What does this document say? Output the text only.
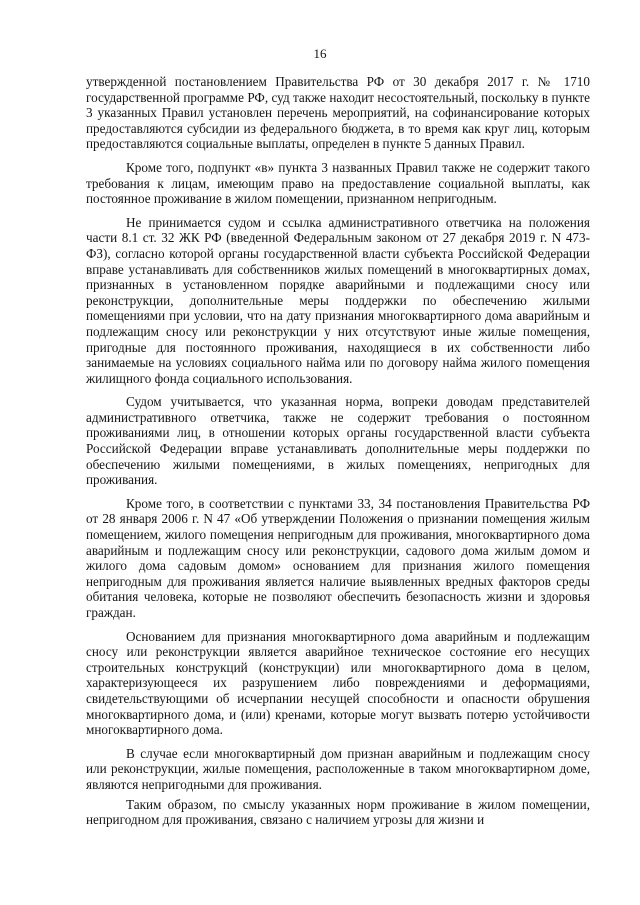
16

утвержденной постановлением Правительства РФ от 30 декабря 2017 г. № 1710 государственной программе РФ, суд также находит несостоятельный, поскольку в пункте 3 указанных Правил установлен перечень мероприятий, на софинансирование которых предоставляются субсидии из федерального бюджета, в то время как круг лиц, которым предоставляются социальные выплаты, определен в пункте 5 данных Правил.

Кроме того, подпункт «в» пункта 3 названных Правил также не содержит такого требования к лицам, имеющим право на предоставление социальной выплаты, как постоянное проживание в жилом помещении, признанном непригодным.

Не принимается судом и ссылка административного ответчика на положения части 8.1 ст. 32 ЖК РФ (введенной Федеральным законом от 27 декабря 2019 г. N 473-ФЗ), согласно которой органы государственной власти субъекта Российской Федерации вправе устанавливать для собственников жилых помещений в многоквартирных домах, признанных в установленном порядке аварийными и подлежащими сносу или реконструкции, дополнительные меры поддержки по обеспечению жилыми помещениями при условии, что на дату признания многоквартирного дома аварийным и подлежащим сносу или реконструкции у них отсутствуют иные жилые помещения, пригодные для постоянного проживания, находящиеся в их собственности либо занимаемые на условиях социального найма или по договору найма жилого помещения жилищного фонда социального использования.

Судом учитывается, что указанная норма, вопреки доводам представителей административного ответчика, также не содержит требования о постоянном проживаниями лиц, в отношении которых органы государственной власти субъекта Российской Федерации вправе устанавливать дополнительные меры поддержки по обеспечению жилыми помещениями, в жилых помещениях, непригодных для проживания.

Кроме того, в соответствии с пунктами 33, 34 постановления Правительства РФ от 28 января 2006 г. N 47 «Об утверждении Положения о признании помещения жилым помещением, жилого помещения непригодным для проживания, многоквартирного дома аварийным и подлежащим сносу или реконструкции, садового дома жилым домом и жилого дома садовым домом» основанием для признания жилого помещения непригодным для проживания является наличие выявленных вредных факторов среды обитания человека, которые не позволяют обеспечить безопасность жизни и здоровья граждан.

Основанием для признания многоквартирного дома аварийным и подлежащим сносу или реконструкции является аварийное техническое состояние его несущих строительных конструкций (конструкции) или многоквартирного дома в целом, характеризующееся их разрушением либо повреждениями и деформациями, свидетельствующими об исчерпании несущей способности и опасности обрушения многоквартирного дома, и (или) кренами, которые могут вызвать потерю устойчивости многоквартирного дома.

В случае если многоквартирный дом признан аварийным и подлежащим сносу или реконструкции, жилые помещения, расположенные в таком многоквартирном доме, являются непригодными для проживания.

Таким образом, по смыслу указанных норм проживание в жилом помещении, непригодном для проживания, связано с наличием угрозы для жизни и
